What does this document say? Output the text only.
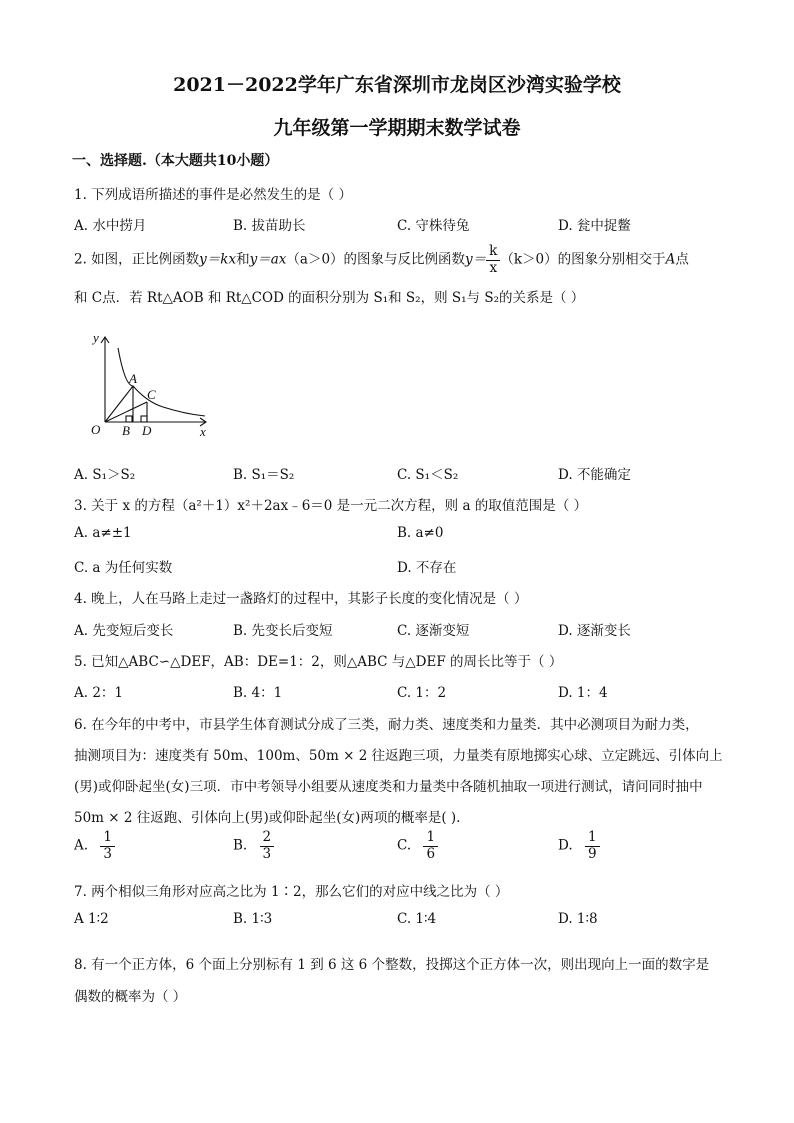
2021－2022学年广东省深圳市龙岗区沙湾实验学校
九年级第一学期期末数学试卷
一、选择题.（本大题共10小题）
1. 下列成语所描述的事件是必然发生的是（ ）
A. 水中捞月	B. 拔苗助长	C. 守株待兔	D. 瓮中捉鳖
2. 如图，正比例函数y＝kx和y＝ax（a＞0）的图象与反比例函数$y= \frac{k}{x} (k>0)$的图象分别相交于A点
和 C点．若 Rt△AOB 和 Rt△COD 的面积分别为 S₁和 S₂，则 S₁与 S₂的关系是（ ）
y
x
O
A
B
C
D
A. S₁＞S₂	B. S₁＝S₂	C. S₁＜S₂	D. 不能确定
3. 关于 x 的方程（a²＋1）x²＋2ax﹣6＝0 是一元二次方程，则 a 的取值范围是（ ）
A. a≠±1	B. a≠0
C. a 为任何实数	D. 不存在
4. 晚上，人在马路上走过一盏路灯的过程中，其影子长度的变化情况是（ ）
A. 先变短后变长	B. 先变长后变短	C. 逐渐变短	D. 逐渐变长
5. 已知△ABC∽△DEF，AB：DE=1：2，则△ABC 与△DEF 的周长比等于（ ）
A. 2：1	B. 4：1	C. 1：2	D. 1：4
6. 在今年的中考中，市县学生体育测试分成了三类，耐力类、速度类和力量类．其中必测项目为耐力类，
抽测项目为：速度类有 50m、100m、50m × 2 往返跑三项，力量类有原地掷实心球、立定跳远、引体向上
(男)或仰卧起坐(女)三项．市中考领导小组要从速度类和力量类中各随机抽取一项进行测试，请问同时抽中
50m × 2 往返跑、引体向上(男)或仰卧起坐(女)两项的概率是( ).
A. $\frac{1}{3}$	B. $\frac{2}{3}$	C. $\frac{1}{6}$	D. $\frac{1}{9}$
7. 两个相似三角形对应高之比为 1∶2，那么它们的对应中线之比为（ ）
A 1∶2	B. 1∶3	C. 1∶4	D. 1∶8
8. 有一个正方体，6 个面上分别标有 1 到 6 这 6 个整数，投掷这个正方体一次，则出现向上一面的数字是
偶数的概率为（ ）
